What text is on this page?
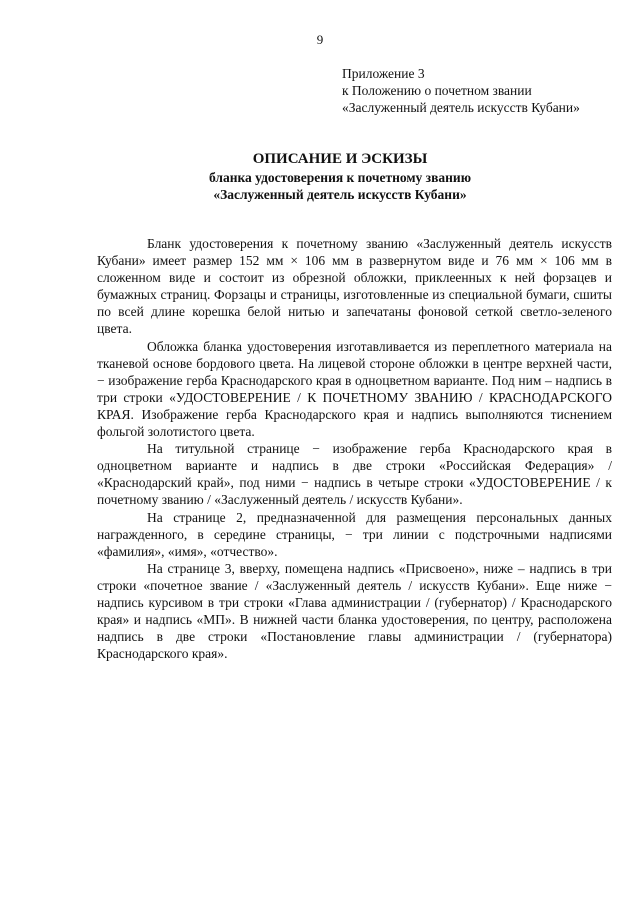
9
Приложение 3
к Положению о почетном звании
«Заслуженный деятель искусств Кубани»
ОПИСАНИЕ И ЭСКИЗЫ
бланка удостоверения к почетному званию
«Заслуженный деятель искусств Кубани»

Бланк удостоверения к почетному званию «Заслуженный деятель искусств Кубани» имеет размер 152 мм × 106 мм в развернутом виде и 76 мм × 106 мм в сложенном виде и состоит из обрезной обложки, приклеенных к ней форзацев и бумажных страниц. Форзацы и страницы, изготовленные из специальной бумаги, сшиты по всей длине корешка белой нитью и запечатаны фоновой сеткой светло-зеленого цвета.

Обложка бланка удостоверения изготавливается из переплетного материала на тканевой основе бордового цвета. На лицевой стороне обложки в центре верхней части, − изображение герба Краснодарского края в одноцветном варианте. Под ним – надпись в три строки «УДОСТОВЕРЕНИЕ / К ПОЧЕТНОМУ ЗВАНИЮ / КРАСНОДАРСКОГО КРАЯ. Изображение герба Краснодарского края и надпись выполняются тиснением фольгой золотистого цвета.

На титульной странице − изображение герба Краснодарского края в одноцветном варианте и надпись в две строки «Российская Федерация» / «Краснодарский край», под ними − надпись в четыре строки «УДОСТОВЕРЕНИЕ / к почетному званию / «Заслуженный деятель / искусств Кубани».

На странице 2, предназначенной для размещения персональных данных награжденного, в середине страницы, − три линии с подстрочными надписями «фамилия», «имя», «отчество».

На странице 3, вверху, помещена надпись «Присвоено», ниже – надпись в три строки «почетное звание / «Заслуженный деятель / искусств Кубани». Еще ниже − надпись курсивом в три строки «Глава администрации / (губернатор) / Краснодарского края» и надпись «МП». В нижней части бланка удостоверения, по центру, расположена надпись в две строки «Постановление главы администрации / (губернатора) Краснодарского края».
